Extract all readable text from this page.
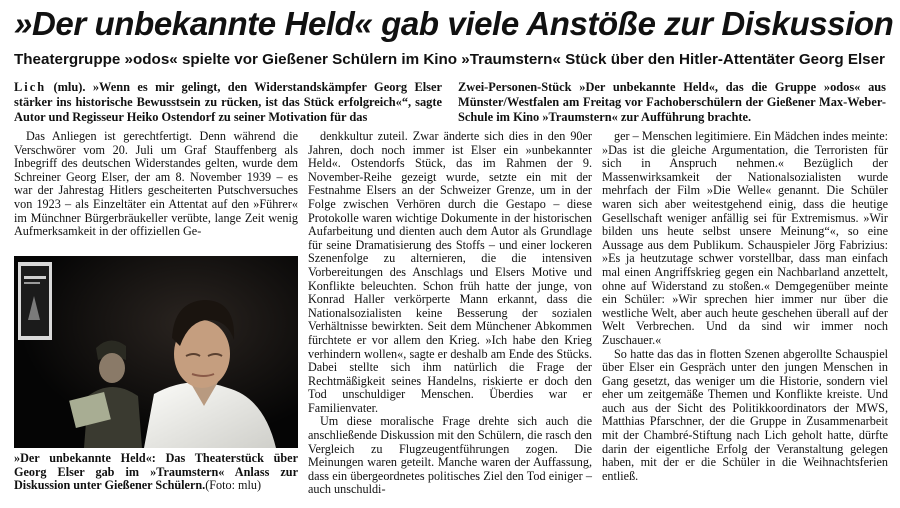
»Der unbekannte Held« gab viele Anstöße zur Diskussion
Theatergruppe »odos« spielte vor Gießener Schülern im Kino »Traumstern« Stück über den Hitler-Attentäter Georg Elser

Lich (mlu). »Wenn es mir gelingt, den Widerstandskämpfer Georg Elser stärker ins historische Bewusstsein zu rücken, ist das Stück erfolgreich«“, sagte Autor und Regisseur Heiko Ostendorf zu seiner Motivation für das

Zwei-Personen-Stück »Der unbekannte Held«, das die Gruppe »odos« aus Münster/Westfalen am Freitag vor Fachoberschülern der Gießener Max-Weber-Schule im Kino »Traumstern« zur Aufführung brachte.

Das Anliegen ist gerechtfertigt. Denn während die Verschwörer vom 20. Juli um Graf Stauffenberg als Inbegriff des deutschen Widerstandes gelten, wurde dem Schreiner Georg Elser, der am 8. November 1939 – es war der Jahrestag Hitlers gescheiterten Putschversuches von 1923 – als Einzeltäter ein Attentat auf den »Führer« im Münchner Bürgerbräukeller verübte, lange Zeit wenig Aufmerksamkeit in der offiziellen Ge-

»Der unbekannte Held«: Das Theaterstück über Georg Elser gab im »Traumstern« Anlass zur Diskussion unter Gießener Schülern.(Foto: mlu)

denkkultur zuteil. Zwar änderte sich dies in den 90er Jahren, doch noch immer ist Elser ein »unbekannter Held«. Ostendorfs Stück, das im Rahmen der 9. November-Reihe gezeigt wurde, setzte ein mit der Festnahme Elsers an der Schweizer Grenze, um in der Folge zwischen Verhören durch die Gestapo – diese Protokolle waren wichtige Dokumente in der historischen Aufarbeitung und dienten auch dem Autor als Grundlage für seine Dramatisierung des Stoffs – und einer lockeren Szenenfolge zu alternieren, die die intensiven Vorbereitungen des Anschlags und Elsers Motive und Konflikte beleuchten. Schon früh hatte der junge, von Konrad Haller verkörperte Mann erkannt, dass die Nationalsozialisten keine Besserung der sozialen Verhältnisse bewirkten. Seit dem Münchener Abkommen fürchtete er vor allem den Krieg. »Ich habe den Krieg verhindern wollen«, sagte er deshalb am Ende des Stücks. Dabei stellte sich ihm natürlich die Frage der Rechtmäßigkeit seines Handelns, riskierte er doch den Tod unschuldiger Menschen. Überdies war er Familienvater.

Um diese moralische Frage drehte sich auch die anschließende Diskussion mit den Schülern, die rasch den Vergleich zu Flugzeugentführungen zogen. Die Meinungen waren geteilt. Manche waren der Auffassung, dass ein übergeordnetes politisches Ziel den Tod einiger – auch unschuldi-

ger – Menschen legitimiere. Ein Mädchen indes meinte: »Das ist die gleiche Argumentation, die Terroristen für sich in Anspruch nehmen.« Bezüglich der Massenwirksamkeit der Nationalsozialisten wurde mehrfach der Film »Die Welle« genannt. Die Schüler waren sich aber weitestgehend einig, dass die heutige Gesellschaft weniger anfällig sei für Extremismus. »Wir bilden uns heute selbst unsere Meinung“«, so eine Aussage aus dem Publikum. Schauspieler Jörg Fabrizius: »Es ja heutzutage schwer vorstellbar, dass man einfach mal einen Angriffskrieg gegen ein Nachbarland anzettelt, ohne auf Widerstand zu stoßen.« Demgegenüber meinte ein Schüler: »Wir sprechen hier immer nur über die westliche Welt, aber auch heute geschehen überall auf der Welt Verbrechen. Und da sind wir immer noch Zuschauer.«

So hatte das das in flotten Szenen abgerollte Schauspiel über Elser ein Gespräch unter den jungen Menschen in Gang gesetzt, das weniger um die Historie, sondern viel eher um zeitgemäße Themen und Konflikte kreiste. Und auch aus der Sicht des Politikkoordinators der MWS, Matthias Pfarschner, der die Gruppe in Zusammenarbeit mit der Chambré-Stiftung nach Lich geholt hatte, dürfte darin der eigentliche Erfolg der Veranstaltung gelegen haben, mit der er die Schüler in die Weihnachtsferien entließ.
